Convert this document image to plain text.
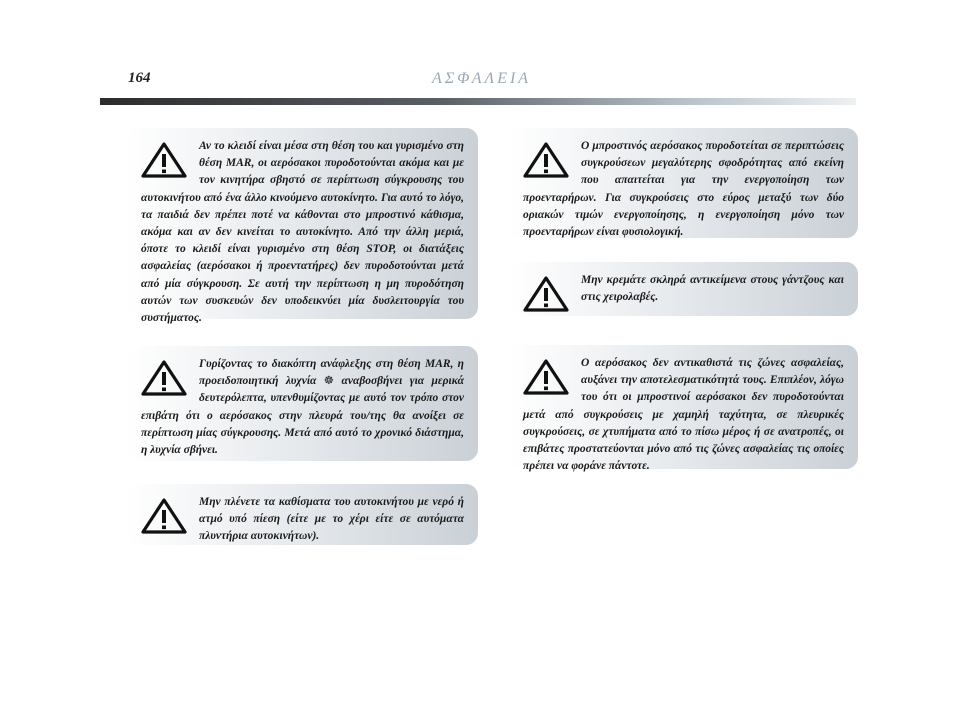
164	ΑΣΦΑΛΕΙΑ

Αν το κλειδί είναι μέσα στη θέση του και γυρισμένο στη θέση MAR, οι αερόσακοι πυροδοτούνται ακόμα και με τον κινητήρα σβηστό σε περίπτωση σύγκρουσης του αυτοκινήτου από ένα άλλο κινούμενο αυτοκίνητο. Για αυτό το λόγο, τα παιδιά δεν πρέπει ποτέ να κάθονται στο μπροστινό κάθισμα, ακόμα και αν δεν κινείται το αυτοκίνητο. Από την άλλη μεριά, όποτε το κλειδί είναι γυρισμένο στη θέση STOP, οι διατάξεις ασφαλείας (αερόσακοι ή προεντατήρες) δεν πυροδοτούνται μετά από μία σύγκρουση. Σε αυτή την περίπτωση η μη πυροδότηση αυτών των συσκευών δεν υποδεικνύει μία δυσλειτουργία του συστήματος.

Γυρίζοντας το διακόπτη ανάφλεξης στη θέση MAR, η προειδοποιητική λυχνία ☸ αναβοσβήνει για μερικά δευτερόλεπτα, υπενθυμίζοντας με αυτό τον τρόπο στον επιβάτη ότι ο αερόσακος στην πλευρά του/της θα ανοίξει σε περίπτωση μίας σύγκρουσης. Μετά από αυτό το χρονικό διάστημα, η λυχνία σβήνει.

Μην πλένετε τα καθίσματα του αυτοκινήτου με νερό ή ατμό υπό πίεση (είτε με το χέρι είτε σε αυτόματα πλυντήρια αυτοκινήτων).

Ο μπροστινός αερόσακος πυροδοτείται σε περιπτώσεις συγκρούσεων μεγαλύτερης σφοδρότητας από εκείνη που απαιτείται για την ενεργοποίηση των προενταρήρων. Για συγκρούσεις στο εύρος μεταξύ των δύο οριακών τιμών ενεργοποίησης, η ενεργοποίηση μόνο των προενταρήρων είναι φυσιολογική.

Μην κρεμάτε σκληρά αντικείμενα στους γάντζους και στις χειρολαβές.

Ο αερόσακος δεν αντικαθιστά τις ζώνες ασφαλείας, αυξάνει την αποτελεσματικότητά τους. Επιπλέον, λόγω του ότι οι μπροστινοί αερόσακοι δεν πυροδοτούνται μετά από συγκρούσεις με χαμηλή ταχύτητα, σε πλευρικές συγκρούσεις, σε χτυπήματα από το πίσω μέρος ή σε ανατροπές, οι επιβάτες προστατεύονται μόνο από τις ζώνες ασφαλείας τις οποίες πρέπει να φοράνε πάντοτε.
